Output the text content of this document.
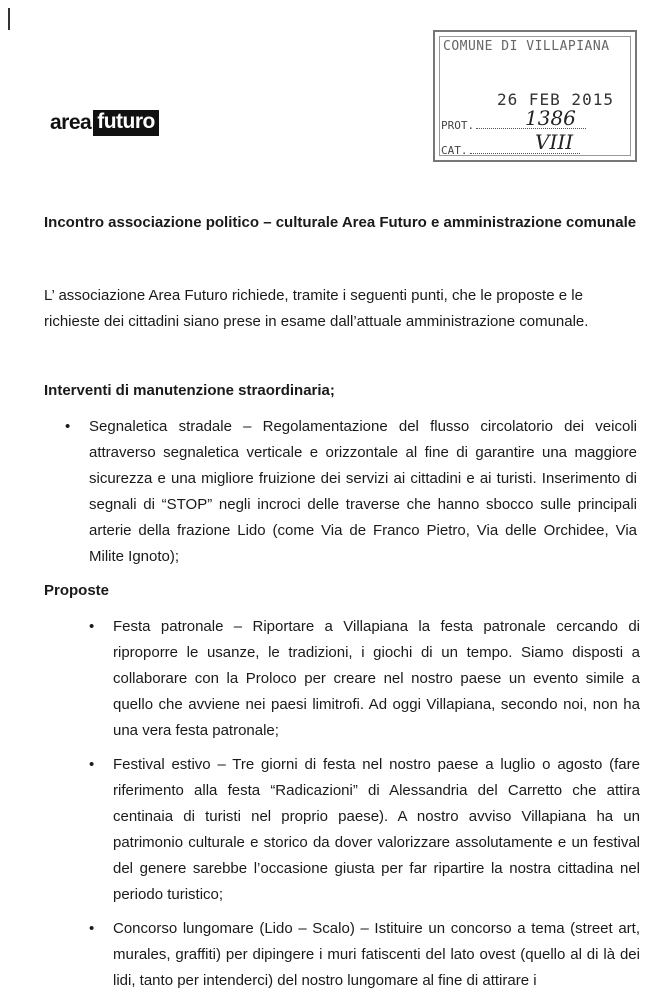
area futuro
COMUNE DI VILLAPIANA
26 FEB 2015
PROT.	1386
CAT.	VIII
Incontro associazione politico – culturale Area Futuro e amministrazione comunale
L’ associazione Area Futuro richiede, tramite i seguenti punti, che le proposte e le richieste dei cittadini siano prese in esame dall’attuale amministrazione comunale.
Interventi di manutenzione straordinaria;
• Segnaletica stradale – Regolamentazione del flusso circolatorio dei veicoli attraverso segnaletica verticale e orizzontale al fine di garantire una maggiore sicurezza e una migliore fruizione dei servizi ai cittadini e ai turisti. Inserimento di segnali di “STOP” negli incroci delle traverse che hanno sbocco sulle principali arterie della frazione Lido (come Via de Franco Pietro, Via delle Orchidee, Via Milite Ignoto);
Proposte
• Festa patronale – Riportare a Villapiana la festa patronale cercando di riproporre le usanze, le tradizioni, i giochi di un tempo. Siamo disposti a collaborare con la Proloco per creare nel nostro paese un evento simile a quello che avviene nei paesi limitrofi. Ad oggi Villapiana, secondo noi, non ha una vera festa patronale;
• Festival estivo – Tre giorni di festa nel nostro paese a luglio o agosto (fare riferimento alla festa “Radicazioni” di Alessandria del Carretto che attira centinaia di turisti nel proprio paese). A nostro avviso Villapiana ha un patrimonio culturale e storico da dover valorizzare assolutamente e un festival del genere sarebbe l’occasione giusta per far ripartire la nostra cittadina nel periodo turistico;
• Concorso lungomare (Lido – Scalo) – Istituire un concorso a tema (street art, murales, graffiti) per dipingere i muri fatiscenti del lato ovest (quello al di là dei lidi, tanto per intenderci) del nostro lungomare al fine di attirare i
